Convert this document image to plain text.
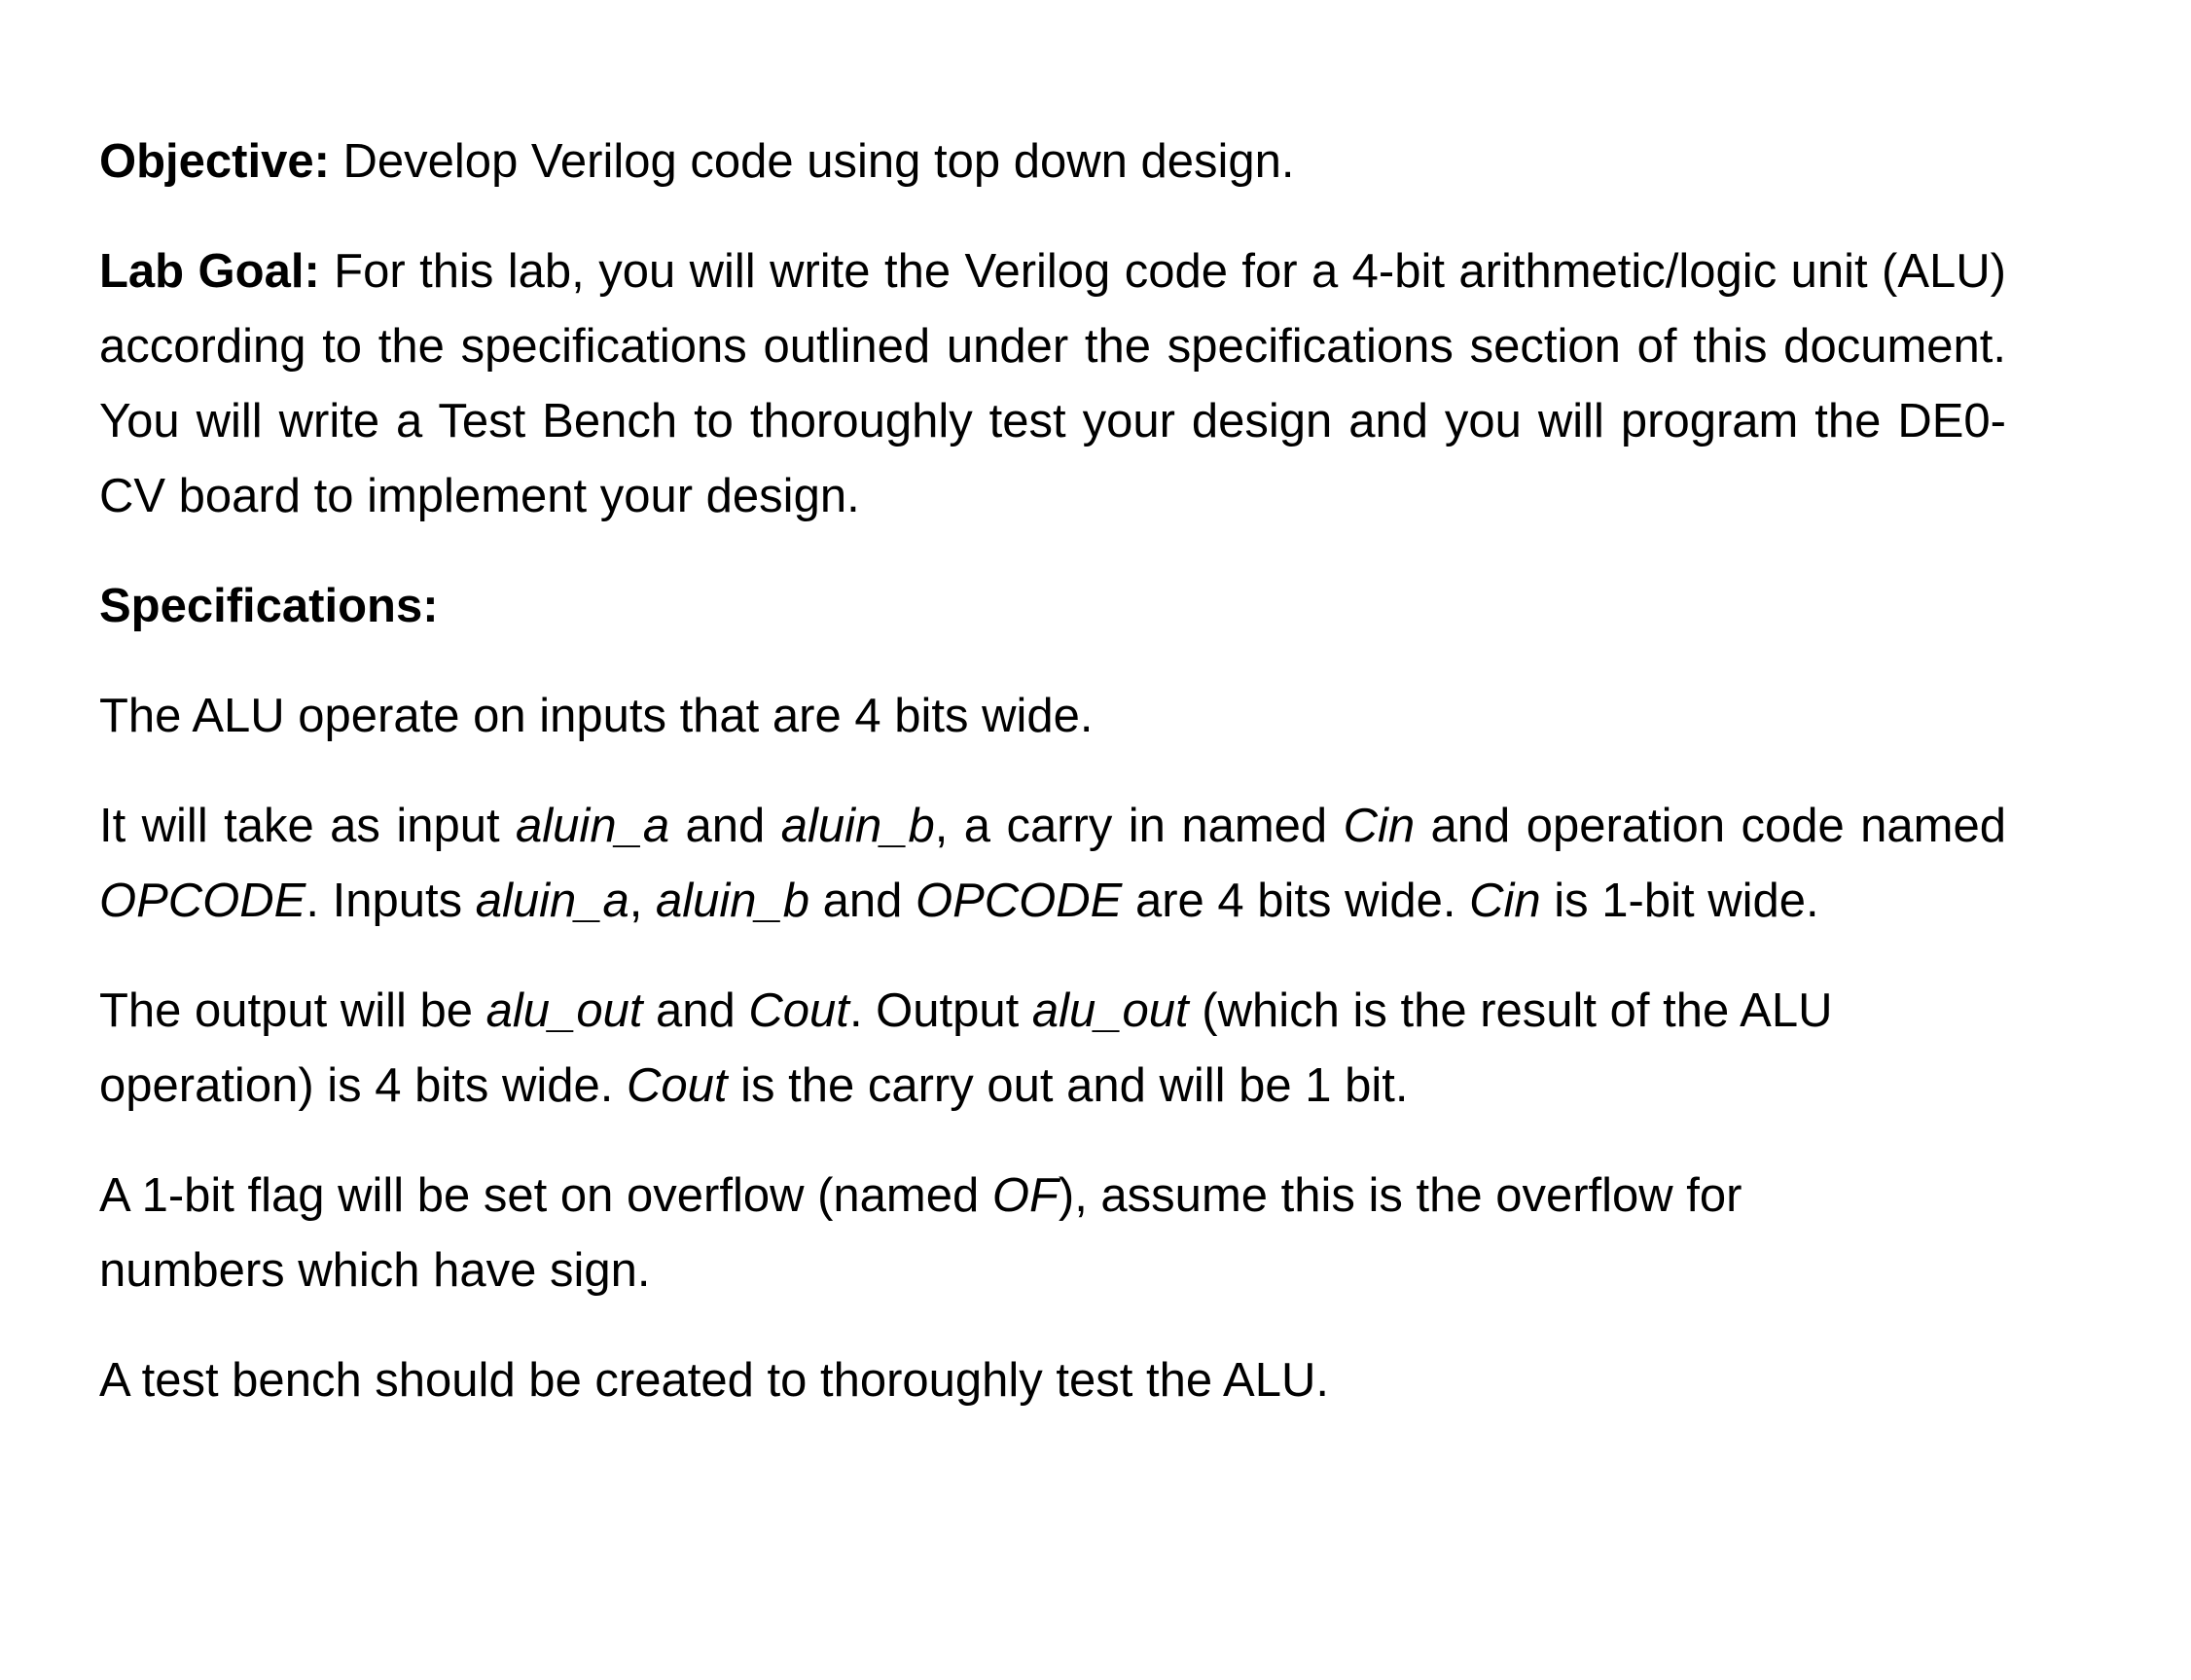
Objective: Develop Verilog code using top down design.

Lab Goal: For this lab, you will write the Verilog code for a 4-bit arithmetic/logic unit (ALU) according to the specifications outlined under the specifications section of this document. You will write a Test Bench to thoroughly test your design and you will program the DE0-CV board to implement your design.

Specifications:

The ALU operate on inputs that are 4 bits wide.

It will take as input aluin_a and aluin_b, a carry in named Cin and operation code named OPCODE. Inputs aluin_a, aluin_b and OPCODE are 4 bits wide. Cin is 1-bit wide.

The output will be alu_out and Cout. Output alu_out (which is the result of the ALU operation) is 4 bits wide. Cout is the carry out and will be 1 bit.

A 1-bit flag will be set on overflow (named OF), assume this is the overflow for numbers which have sign.

A test bench should be created to thoroughly test the ALU.
